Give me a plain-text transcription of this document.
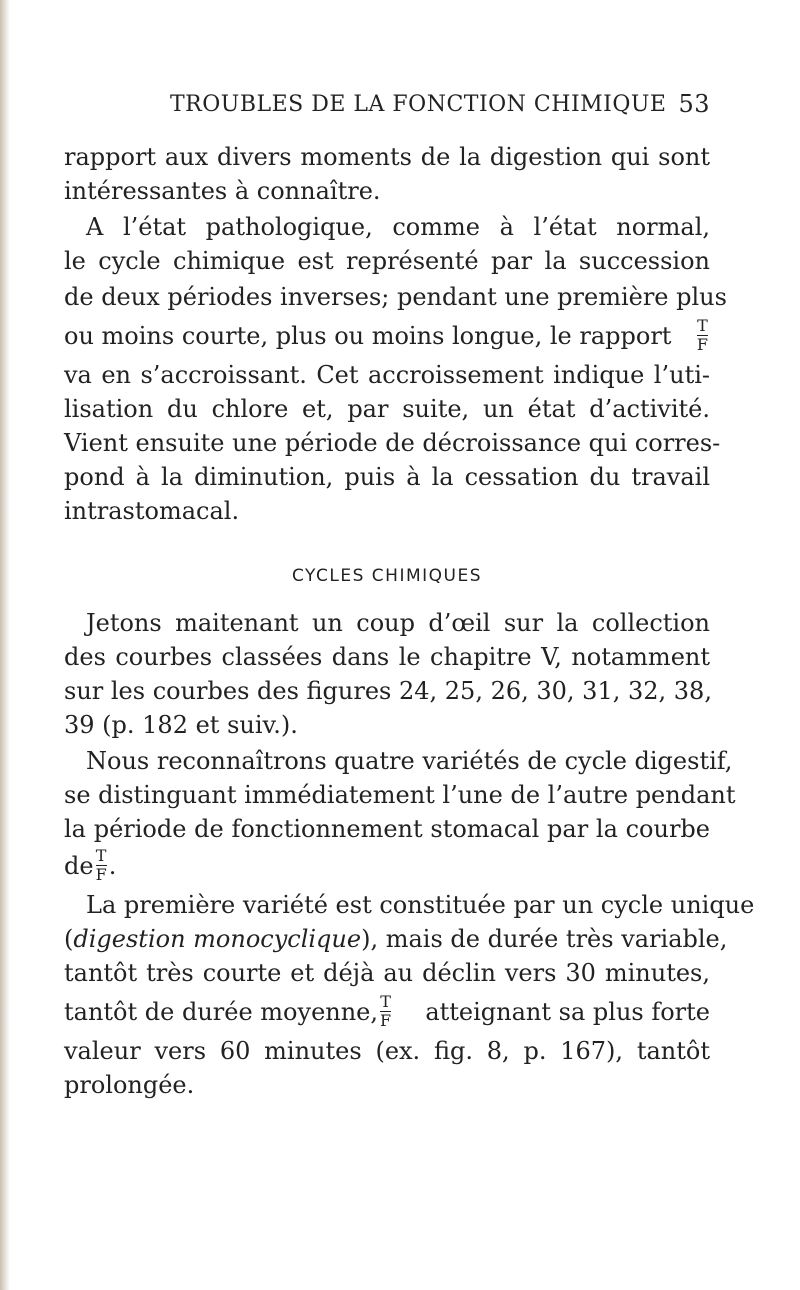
TROUBLES DE LA FONCTION CHIMIQUE 53
rapport aux divers moments de la digestion qui sont
intéressantes à connaître.
A l’état pathologique, comme à l’état normal,
le cycle chimique est représenté par la succession
de deux périodes inverses; pendant une première plus
ou moins courte, plus ou moins longue, le rapport $\frac{T}{F}$
va en s’accroissant. Cet accroissement indique l’uti-
lisation du chlore et, par suite, un état d’activité.
Vient ensuite une période de décroissance qui corres-
pond à la diminution, puis à la cessation du travail
intrastomacal.
CYCLES CHIMIQUES
Jetons maitenant un coup d’œil sur la collection
des courbes classées dans le chapitre V, notamment
sur les courbes des figures 24, 25, 26, 30, 31, 32, 38,
39 (p. 182 et suiv.).
Nous reconnaîtrons quatre variétés de cycle digestif,
se distinguant immédiatement l’une de l’autre pendant
la période de fonctionnement stomacal par la courbe
de $\frac{T}{F}$ .
La première variété est constituée par un cycle unique
(digestion monocyclique), mais de durée très variable,
tantôt très courte et déjà au déclin vers 30 minutes,
tantôt de durée moyenne, $\frac{T}{F}$ atteignant sa plus forte
valeur vers 60 minutes (ex. fig. 8, p. 167), tantôt
prolongée.
